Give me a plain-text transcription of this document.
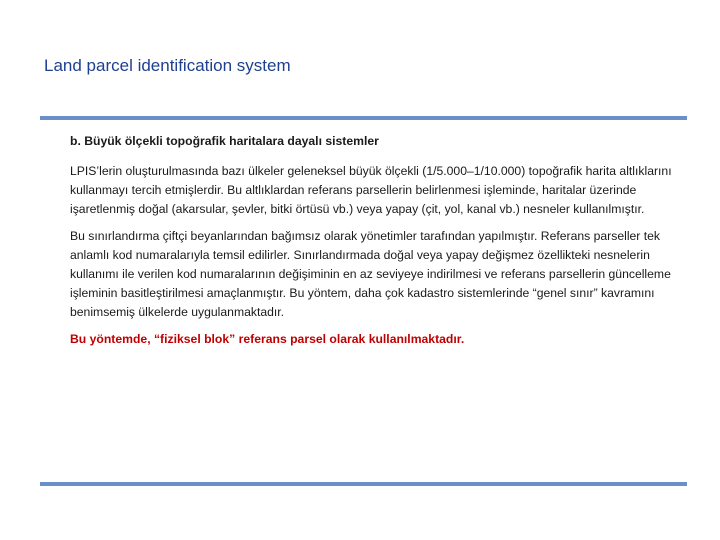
Land parcel identification system

b. Büyük ölçekli topoğrafik haritalara dayalı sistemler

LPIS’lerin oluşturulmasında bazı ülkeler geleneksel büyük ölçekli (1/5.000–1/10.000) topoğrafik harita altlıklarını kullanmayı tercih etmişlerdir. Bu altlıklardan referans parsellerin belirlenmesi işleminde, haritalar üzerinde işaretlenmiş doğal (akarsular, şevler, bitki örtüsü vb.) veya yapay (çit, yol, kanal vb.) nesneler kullanılmıştır.

Bu sınırlandırma çiftçi beyanlarından bağımsız olarak yönetimler tarafından yapılmıştır. Referans parseller tek anlamlı kod numaralarıyla temsil edilirler. Sınırlandırmada doğal veya yapay değişmez özellikteki nesnelerin kullanımı ile verilen kod numaralarının değişiminin en az seviyeye indirilmesi ve referans parsellerin güncelleme işleminin basitleştirilmesi amaçlanmıştır. Bu yöntem, daha çok kadastro sistemlerinde “genel sınır” kavramını benimsemiş ülkelerde uygulanmaktadır.

Bu yöntemde, “fiziksel blok” referans parsel olarak kullanılmaktadır.
